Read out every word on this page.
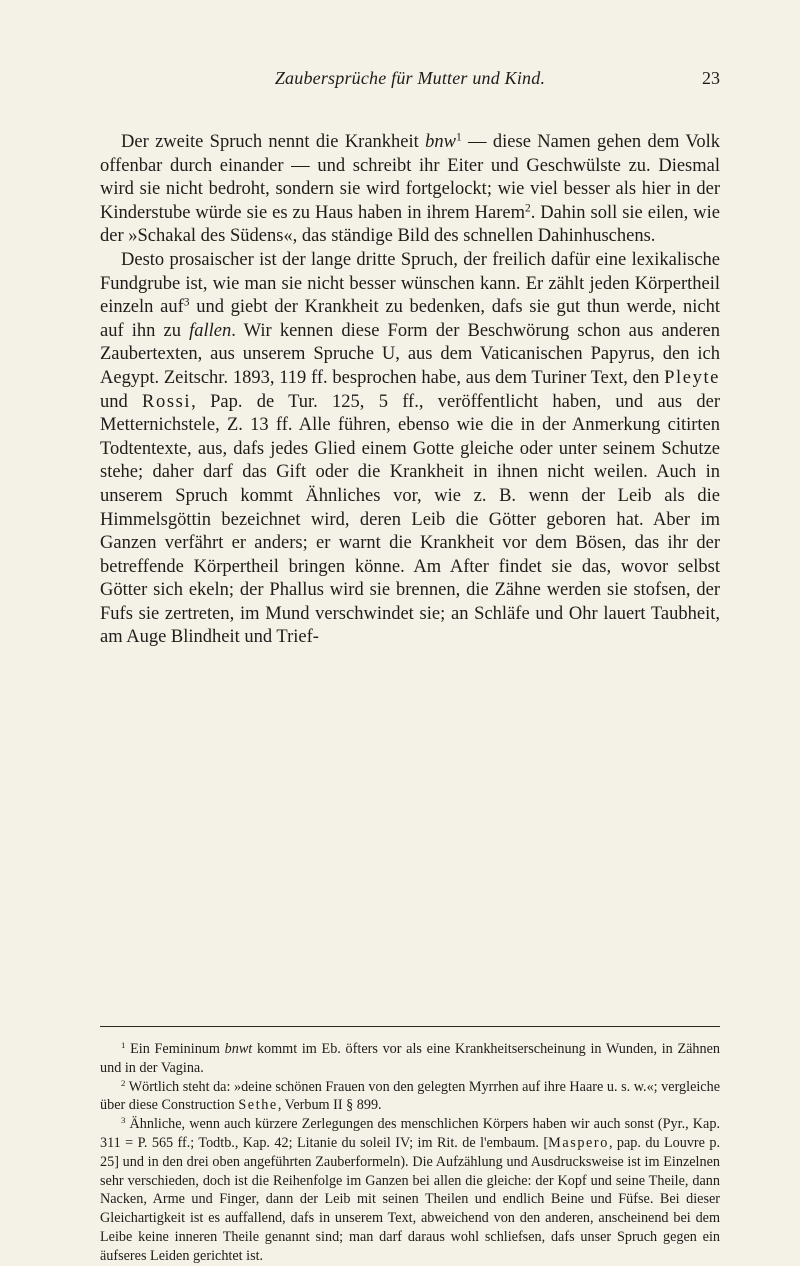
Zaubersprüche für Mutter und Kind.	23

Der zweite Spruch nennt die Krankheit bnw$^1$ — diese Namen gehen dem Volk offenbar durch einander — und schreibt ihr Eiter und Geschwülste zu. Diesmal wird sie nicht bedroht, sondern sie wird fortgelockt; wie viel besser als hier in der Kinderstube würde sie es zu Haus haben in ihrem Harem$^2$. Dahin soll sie eilen, wie der »Schakal des Südens«, das ständige Bild des schnellen Dahinhuschens.

Desto prosaischer ist der lange dritte Spruch, der freilich dafür eine lexikalische Fundgrube ist, wie man sie nicht besser wünschen kann. Er zählt jeden Körpertheil einzeln auf$^3$ und giebt der Krankheit zu bedenken, dafs sie gut thun werde, nicht auf ihn zu fallen. Wir kennen diese Form der Beschwörung schon aus anderen Zaubertexten, aus unserem Spruche U, aus dem Vaticanischen Papyrus, den ich Aegypt. Zeitschr. 1893, 119 ff. besprochen habe, aus dem Turiner Text, den Pleyte und Rossi, Pap. de Tur. 125, 5 ff., veröffentlicht haben, und aus der Metternichstele, Z. 13 ff. Alle führen, ebenso wie die in der Anmerkung citirten Todtentexte, aus, dafs jedes Glied einem Gotte gleiche oder unter seinem Schutze stehe; daher darf das Gift oder die Krankheit in ihnen nicht weilen. Auch in unserem Spruch kommt Ähnliches vor, wie z. B. wenn der Leib als die Himmelsgöttin bezeichnet wird, deren Leib die Götter geboren hat. Aber im Ganzen verfährt er anders; er warnt die Krankheit vor dem Bösen, das ihr der betreffende Körpertheil bringen könne. Am After findet sie das, wovor selbst Götter sich ekeln; der Phallus wird sie brennen, die Zähne werden sie stofsen, der Fufs sie zertreten, im Mund verschwindet sie; an Schläfe und Ohr lauert Taubheit, am Auge Blindheit und Trief-

$^1$ Ein Femininum bnwt kommt im Eb. öfters vor als eine Krankheitserscheinung in Wunden, in Zähnen und in der Vagina.

$^2$ Wörtlich steht da: »deine schönen Frauen von den gelegten Myrrhen auf ihre Haare u. s. w.«; vergleiche über diese Construction Sethe, Verbum II § 899.

$^3$ Ähnliche, wenn auch kürzere Zerlegungen des menschlichen Körpers haben wir auch sonst (Pyr., Kap. 311 = P. 565 ff.; Todtb., Kap. 42; Litanie du soleil IV; im Rit. de l'embaum. [Maspero, pap. du Louvre p. 25] und in den drei oben angeführten Zauberformeln). Die Aufzählung und Ausdrucksweise ist im Einzelnen sehr verschieden, doch ist die Reihenfolge im Ganzen bei allen die gleiche: der Kopf und seine Theile, dann Nacken, Arme und Finger, dann der Leib mit seinen Theilen und endlich Beine und Füfse. Bei dieser Gleichartigkeit ist es auffallend, dafs in unserem Text, abweichend von den anderen, anscheinend bei dem Leibe keine inneren Theile genannt sind; man darf daraus wohl schliefsen, dafs unser Spruch gegen ein äufseres Leiden gerichtet ist.
